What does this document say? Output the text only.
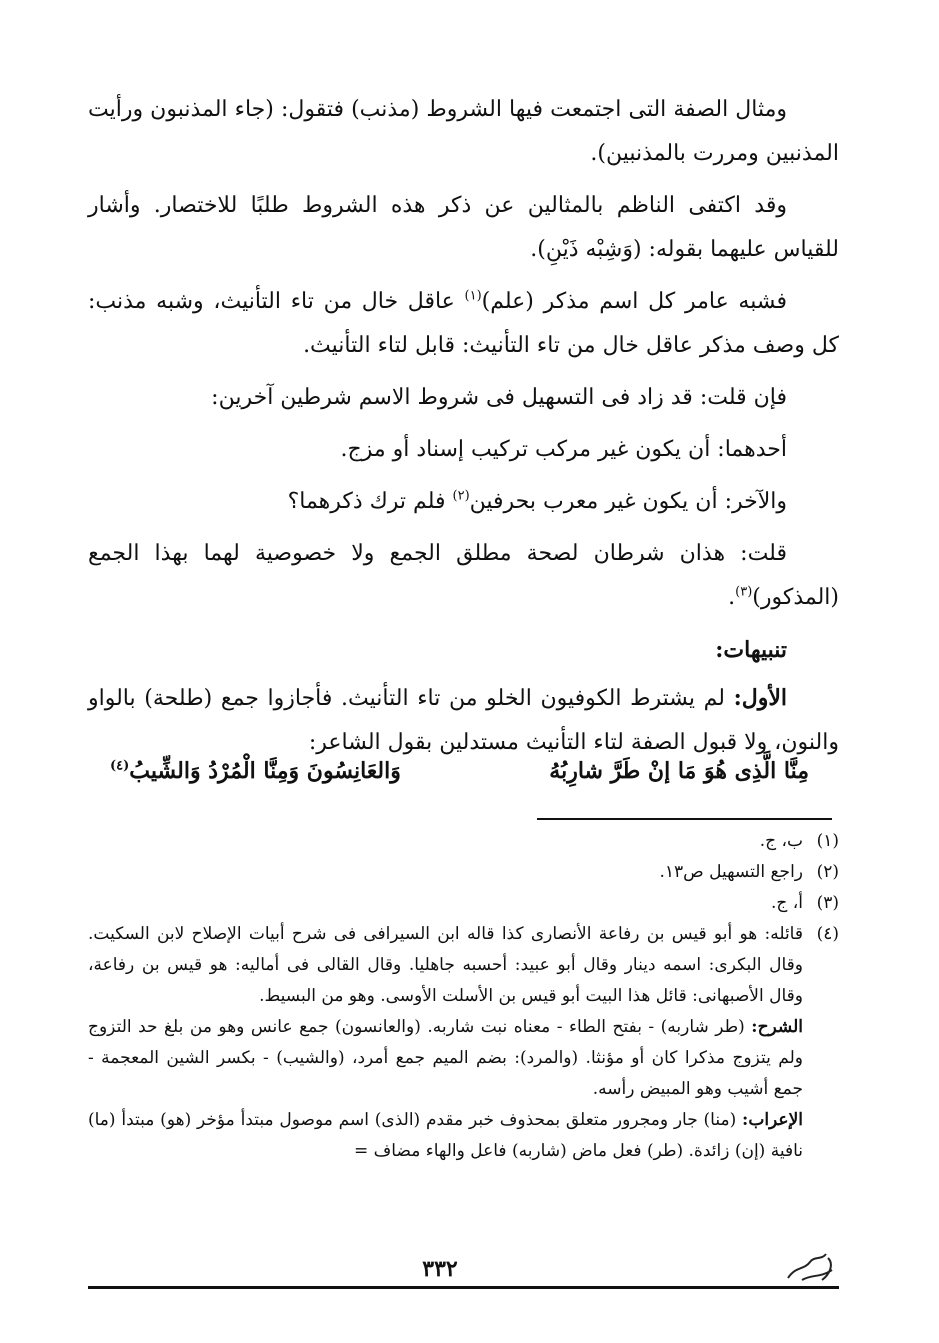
ومثال الصفة التى اجتمعت فيها الشروط (مذنب) فتقول: (جاء المذنبون ورأيت المذنبين ومررت بالمذنبين).

وقد اكتفى الناظم بالمثالين عن ذكر هذه الشروط طلبًا للاختصار. وأشار للقياس عليهما بقوله: (وَشِبْه ذَيْنِ).

فشبه عامر كل اسم مذكر (علم)$^{(١)}$ عاقل خال من تاء التأنيث، وشبه مذنب: كل وصف مذكر عاقل خال من تاء التأنيث: قابل لتاء التأنيث.

فإن قلت: قد زاد فى التسهيل فى شروط الاسم شرطين آخرين:

أحدهما: أن يكون غير مركب تركيب إسناد أو مزج.

والآخر: أن يكون غير معرب بحرفين$^{(٢)}$ فلم ترك ذكرهما؟

قلت: هذان شرطان لصحة مطلق الجمع ولا خصوصية لهما بهذا الجمع (المذكور)$^{(٣)}$.

تنبيهات:

الأول: لم يشترط الكوفيون الخلو من تاء التأنيث. فأجازوا جمع (طلحة) بالواو والنون، ولا قبول الصفة لتاء التأنيث مستدلين بقول الشاعر:

مِنَّا الَّذِى هُوَ مَا إنْ طَرَّ شارِبُهُ
وَالعَانِسُونَ وَمِنَّا الْمُرْدُ وَالشِّيبُ$^{(٤)}$
(١)
ب، ج.
(٢)
راجع التسهيل ص١٣.
(٣)
أ، ج.
(٤)
قائله: هو أبو قيس بن رفاعة الأنصارى كذا قاله ابن السيرافى فى شرح أبيات الإصلاح لابن السكيت. وقال البكرى: اسمه دينار وقال أبو عبيد: أحسبه جاهليا. وقال القالى فى أماليه: هو قيس بن رفاعة، وقال الأصبهانى: قائل هذا البيت أبو قيس بن الأسلت الأوسى. وهو من البسيط.
الشرح: (طر شاربه) - بفتح الطاء - معناه نبت شاربه. (والعانسون) جمع عانس وهو من بلغ حد التزوج ولم يتزوج مذكرا كان أو مؤنثا. (والمرد): بضم الميم جمع أمرد، (والشيب) - بكسر الشين المعجمة - جمع أشيب وهو المبيض رأسه.
الإعراب: (منا) جار ومجرور متعلق بمحذوف خبر مقدم (الذى) اسم موصول مبتدأ مؤخر (هو) مبتدأ (ما) نافية (إن) زائدة. (طر) فعل ماض (شاربه) فاعل والهاء مضاف =
٣٣٢
